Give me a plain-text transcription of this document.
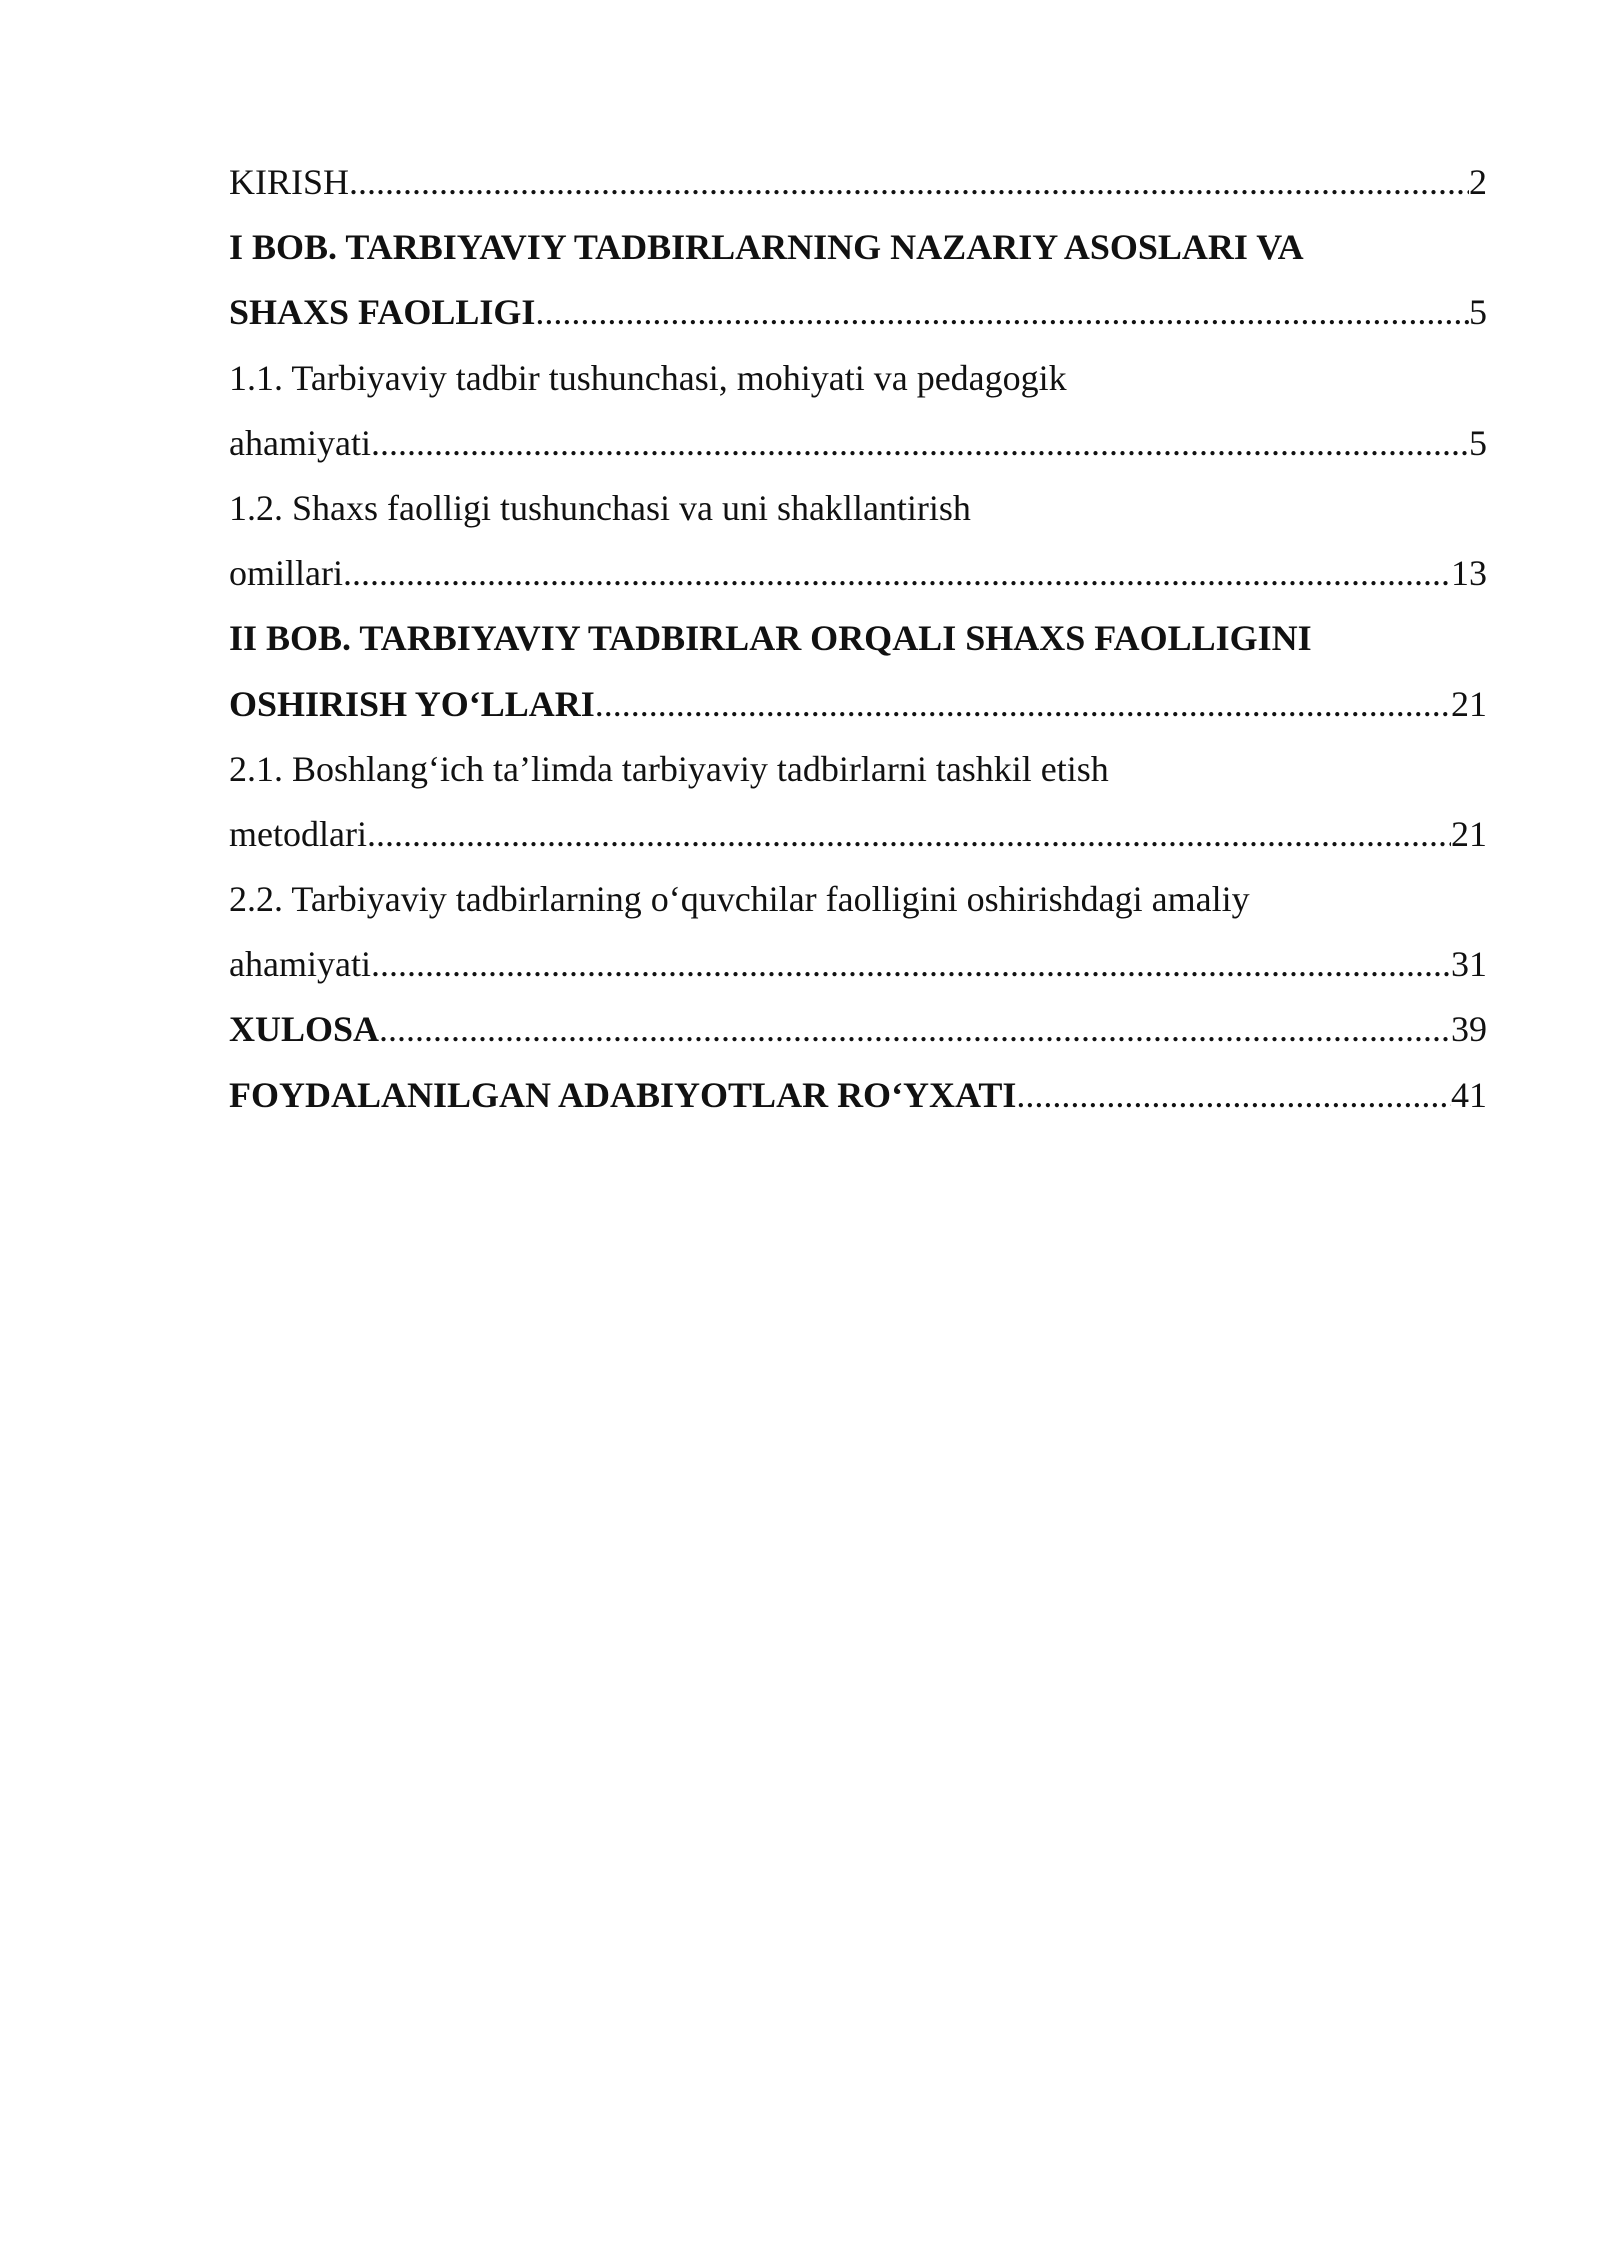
KIRISH .....	2
I BOB. TARBIYAVIY TADBIRLARNING NAZARIY ASOSLARI VA
SHAXS FAOLLIGI .....	5
1.1. Tarbiyaviy tadbir tushunchasi, mohiyati va pedagogik
ahamiyati .....	5
1.2. Shaxs faolligi tushunchasi va uni shakllantirish
omillari .....	13
II BOB. TARBIYAVIY TADBIRLAR ORQALI SHAXS FAOLLIGINI
OSHIRISH YO‘LLARI .....	21
2.1. Boshlang‘ich ta’limda tarbiyaviy tadbirlarni tashkil etish
metodlari .....	21
2.2. Tarbiyaviy tadbirlarning o‘quvchilar faolligini oshirishdagi amaliy
ahamiyati .....	31
XULOSA .....	39
FOYDALANILGAN ADABIYOTLAR RO‘YXATI .....	41
